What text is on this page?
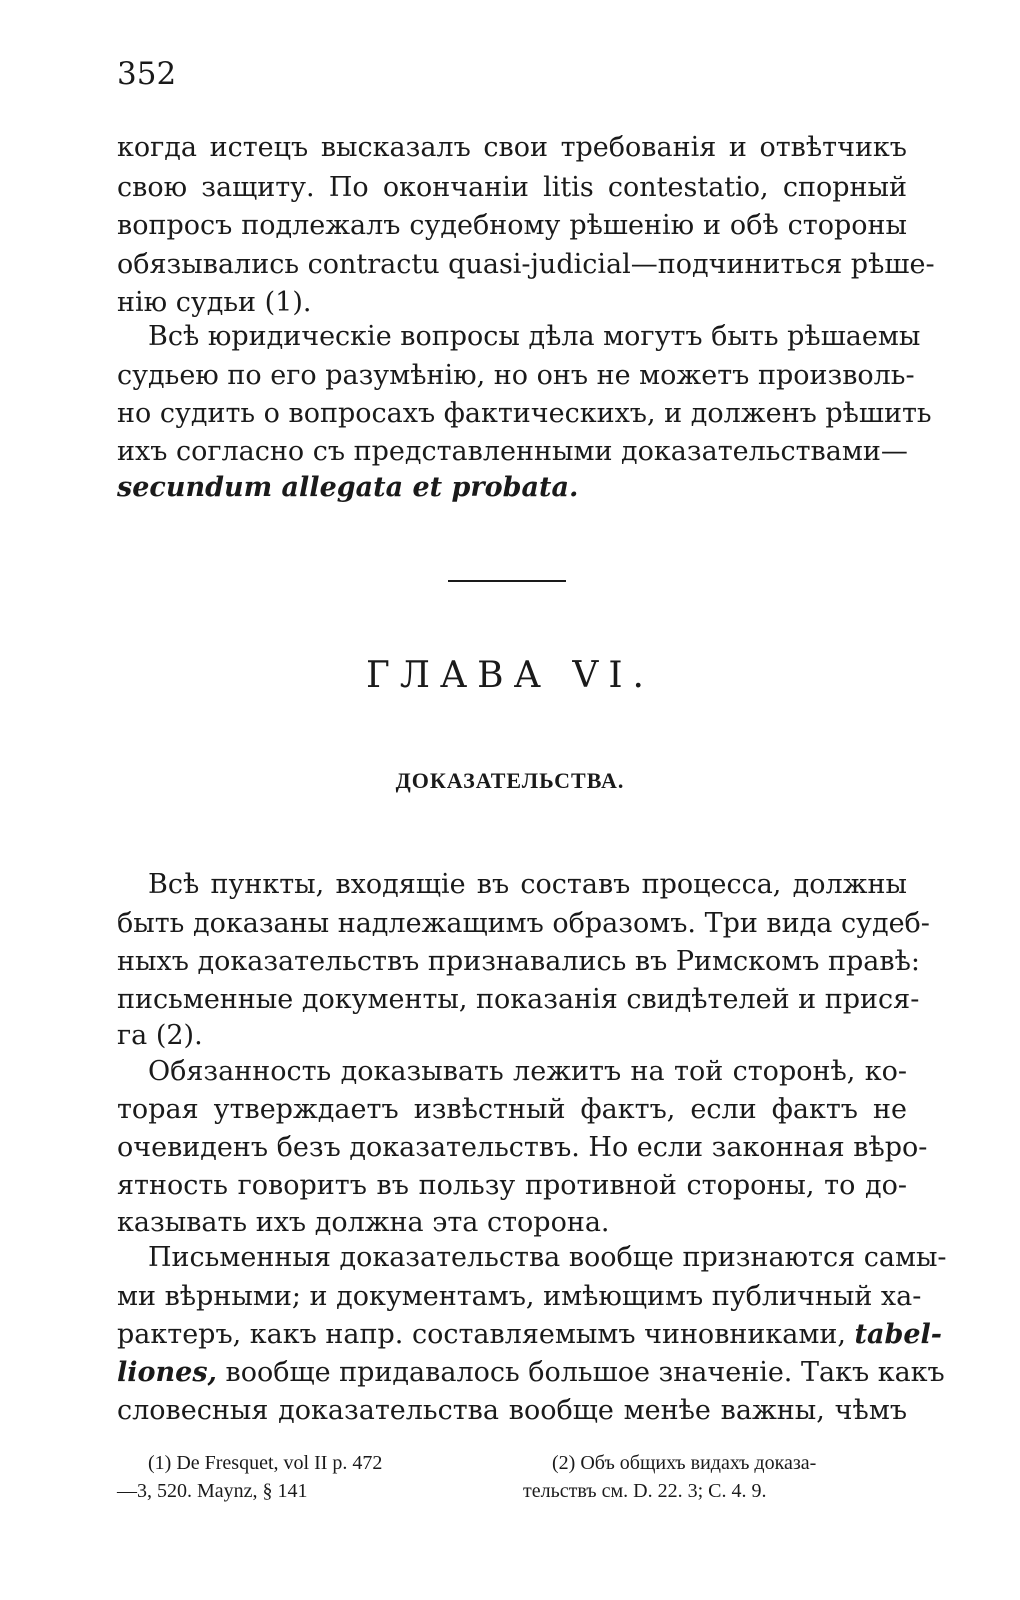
352
когда истецъ высказалъ свои требованія и отвѣтчикъ
свою защиту. По окончаніи litis contestatio, спорный
вопросъ подлежалъ судебному рѣшенію и обѣ стороны
обязывались contractu quasi-judicial—подчиниться рѣше-
нію судьи (1).
Всѣ юридическіе вопросы дѣла могутъ быть рѣшаемы
судьею по его разумѣнію, но онъ не можетъ произволь-
но судить о вопросахъ фактическихъ, и долженъ рѣшить
ихъ согласно съ представленными доказательствами—
secundum allegata et probata.
ГЛАВА VI.
ДОКАЗАТЕЛЬСТВА.
Всѣ пункты, входящіе въ составъ процесса, должны
быть доказаны надлежащимъ образомъ. Три вида судеб-
ныхъ доказательствъ признавались въ Римскомъ правѣ:
письменные документы, показанія свидѣтелей и прися-
га (2).
Обязанность доказывать лежитъ на той сторонѣ, ко-
торая утверждаетъ извѣстный фактъ, если фактъ не
очевиденъ безъ доказательствъ. Но если законная вѣро-
ятность говоритъ въ пользу противной стороны, то до-
казывать ихъ должна эта сторона.
Письменныя доказательства вообще признаются самы-
ми вѣрными; и документамъ, имѣющимъ публичный ха-
рактеръ, какъ напр. составляемымъ чиновниками, tabel-
liones, вообще придавалось большое значеніе. Такъ какъ
словесныя доказательства вообще менѣе важны, чѣмъ
(1) De Fresquet, vol II p. 472
—3, 520. Maynz, § 141
(2) Объ общихъ видахъ доказа-
тельствъ см. D. 22. 3; C. 4. 9.
